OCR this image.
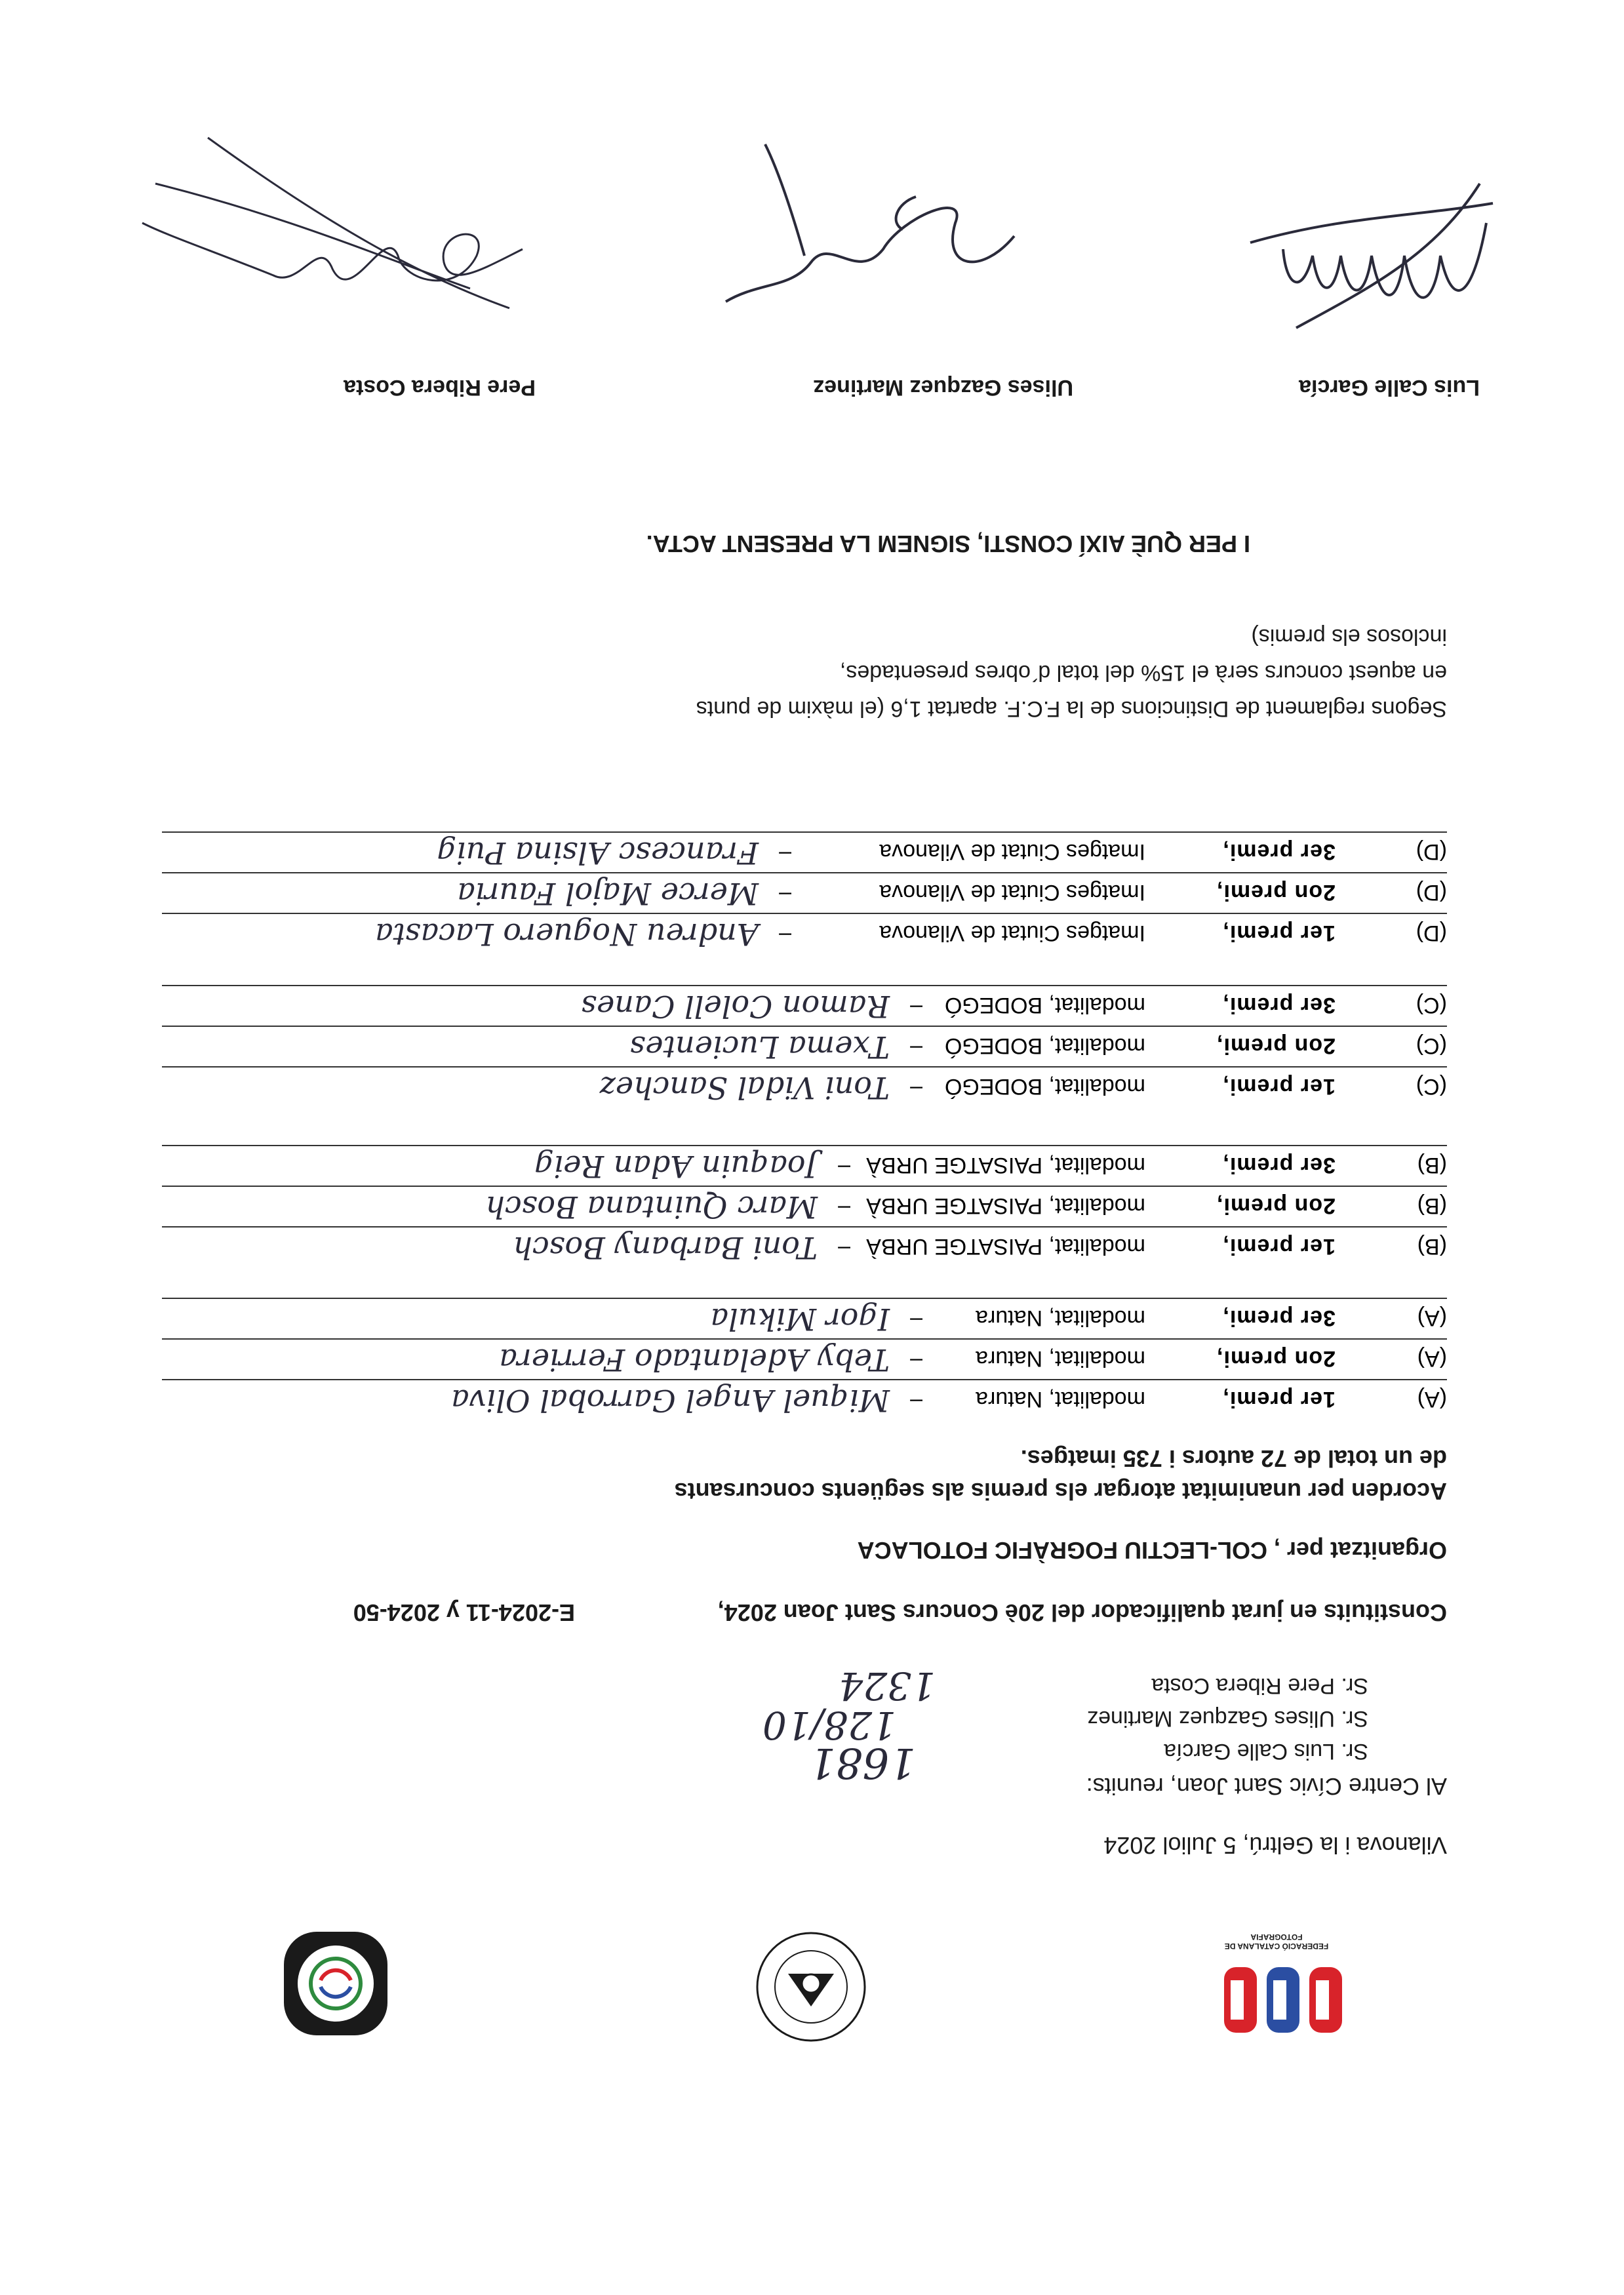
FEDERACIÓ CATALANA DE FOTOGRAFIA
Vilanova i la Geltrú, 5 Juliol 2024
Al Centre Cívic Sant Joan, reunits:
Sr. Luis Calle García
1681
Sr. Ulises Gazquez Martinez
128/10
Sr. Pere Ribera Costa
1324
Constituits en jurat qualificador del 20è Concurs Sant Joan 2024,
E-2024-11 y 2024-50
Organitzat per , COL-LECTIU FOGRÀFIC FOTOLACA
Acorden per unanimitat atorgar els premis als següents concursants
de un total de 72 autors i 735 imatges.
(A)
1er premi,
modalitat, Natura
–
Miquel Angel Garrobal Oliva
(A)
2on premi,
modalitat, Natura
–
Teby Adelantado Ferriera
(A)
3er premi,
modalitat, Natura
–
Igor Mikula
(B)
1er premi,
modalitat, PAISATGE URBÀ
–
Toni Barbany Bosch
(B)
2on premi,
modalitat, PAISATGE URBÀ
–
Marc Quintana Bosch
(B)
3er premi,
modalitat, PAISATGE URBÀ
–
Joaquin Adan Reig
(C)
1er premi,
modalitat, BODEGÓ
–
Toni Vidal Sanchez
(C)
2on premi,
modalitat, BODEGÓ
–
Txema Lucientes
(C)
3er premi,
modalitat, BODEGÓ
–
Ramon Colell Canes
(D)
1er premi,
Imatges Ciutat de Vilanova
–
Andreu Noguero Lacasta
(D)
2on premi,
Imatges Ciutat de Vilanova
–
Merce Majol Fauria
(D)
3er premi,
Imatges Ciutat de Vilanova
–
Francesc Alsina Puig
Segons reglament de Distincions de la F.C.F. apartat 1,6 (el màxim de punts
en aquest concurs serà el 15% del total d´obres presentades,
inclosos els premis)
I PER QUÈ AIXÍ CONSTI, SIGNEM LA PRESENT ACTA.
Luis Calle García
Ulises Gazquez Martinez
Pere Ribera Costa
